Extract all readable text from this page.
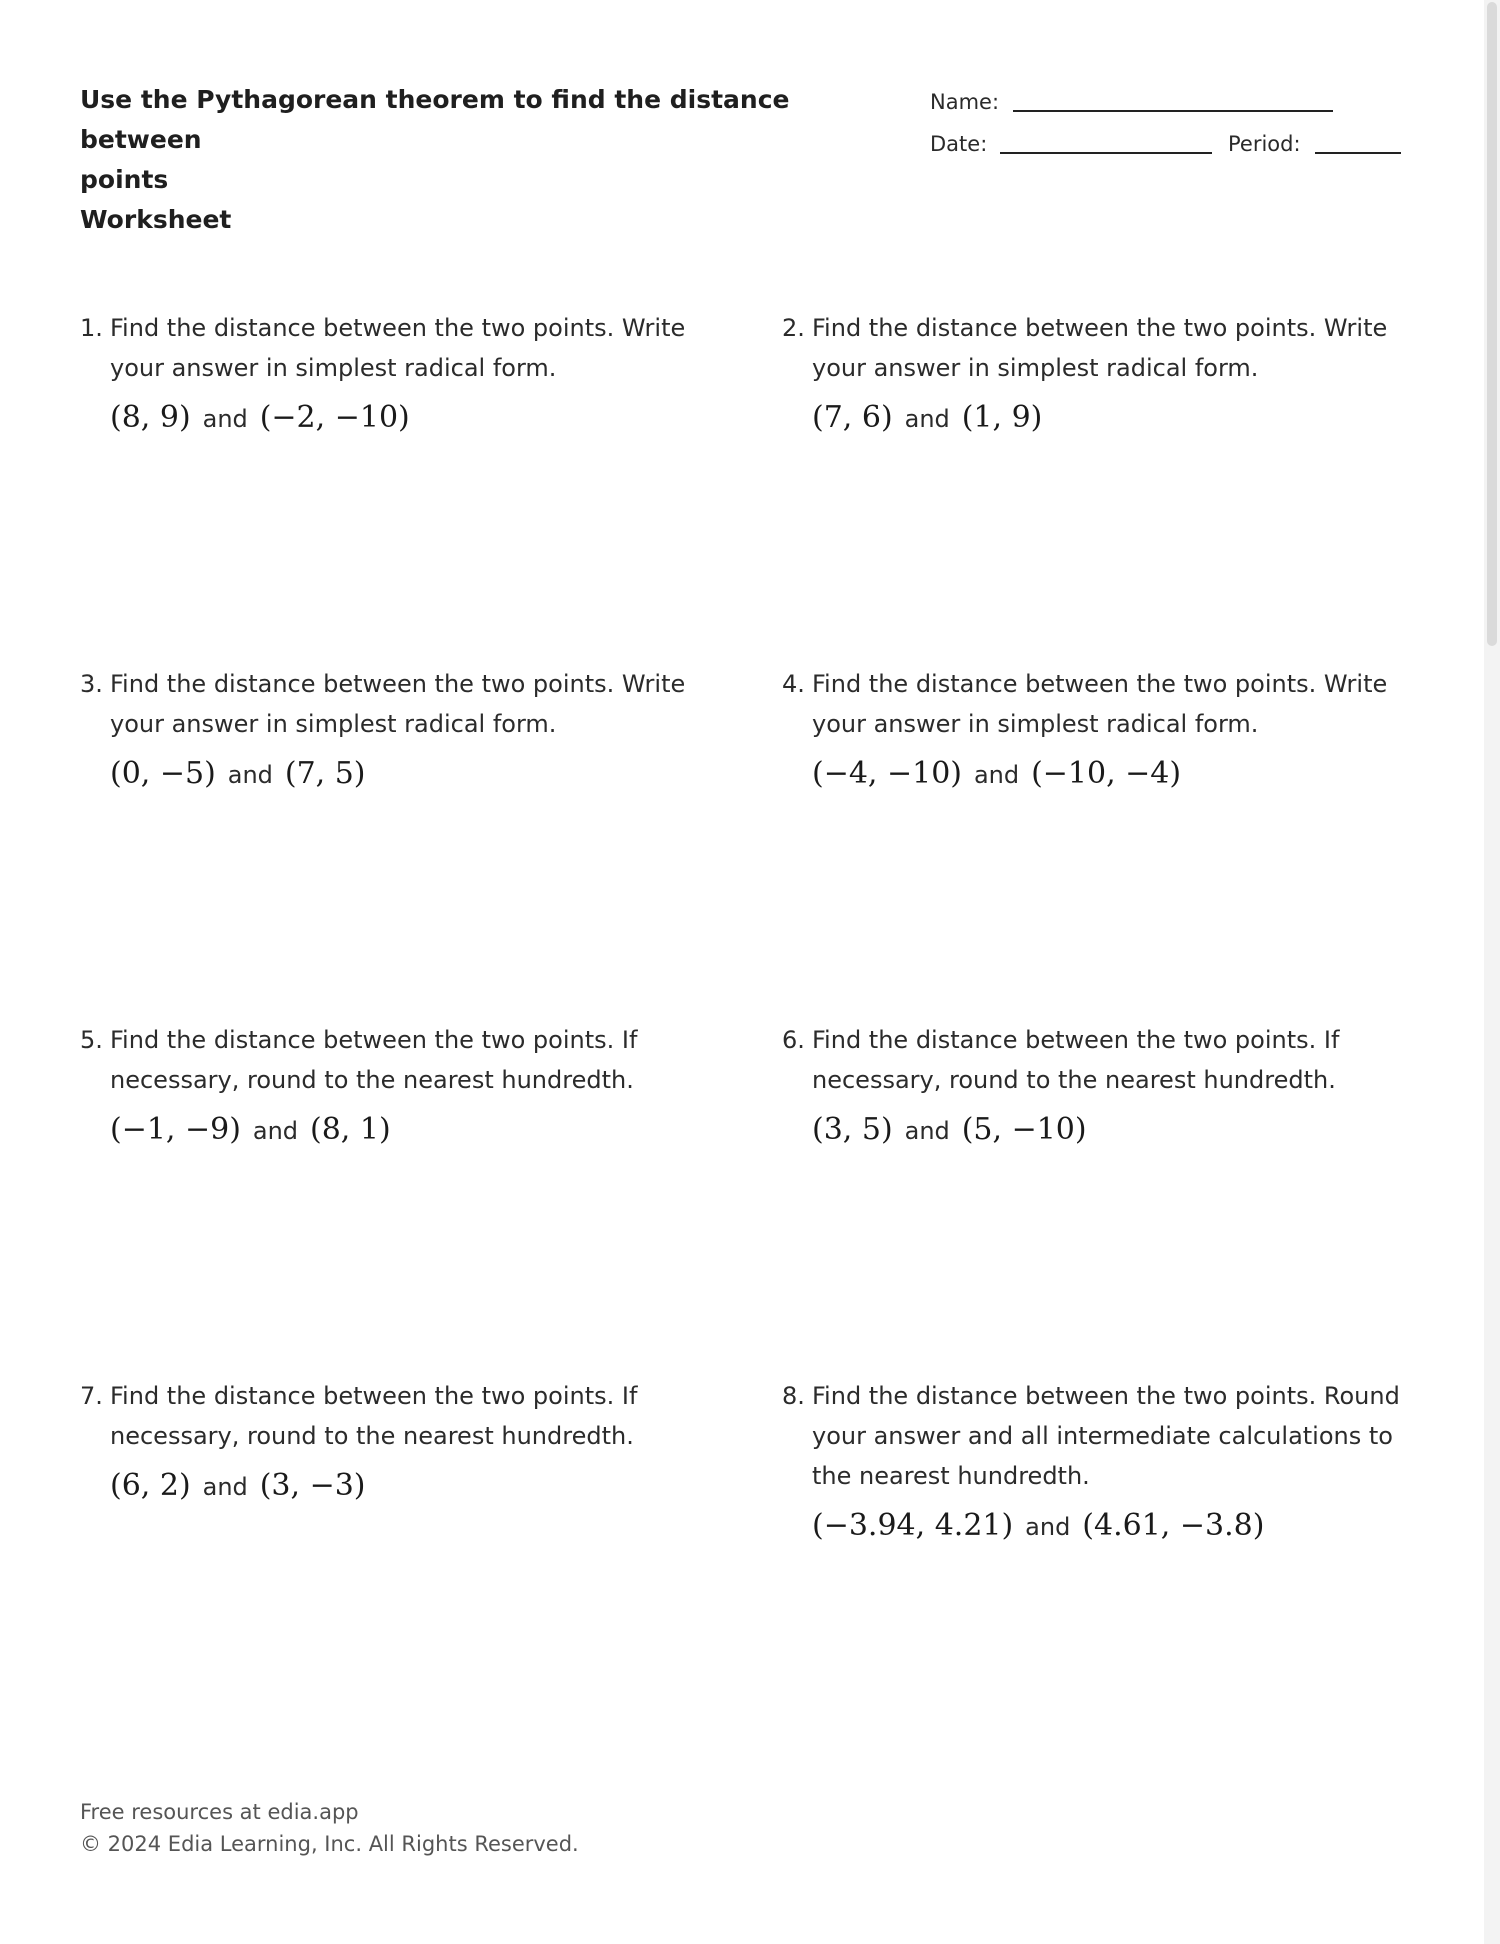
Use the Pythagorean theorem to find the distance between
points
Worksheet
Name:
Date:	Period:
1. Find the distance between the two points. Write your answer in simplest radical form.
(8, 9) and (−2, −10)
2. Find the distance between the two points. Write your answer in simplest radical form.
(7, 6) and (1, 9)
3. Find the distance between the two points. Write your answer in simplest radical form.
(0, −5) and (7, 5)
4. Find the distance between the two points. Write your answer in simplest radical form.
(−4, −10) and (−10, −4)
5. Find the distance between the two points. If necessary, round to the nearest hundredth.
(−1, −9) and (8, 1)
6. Find the distance between the two points. If necessary, round to the nearest hundredth.
(3, 5) and (5, −10)
7. Find the distance between the two points. If necessary, round to the nearest hundredth.
(6, 2) and (3, −3)
8. Find the distance between the two points. Round your answer and all intermediate calculations to the nearest hundredth.
(−3.94, 4.21) and (4.61, −3.8)
Free resources at edia.app
© 2024 Edia Learning, Inc. All Rights Reserved.
